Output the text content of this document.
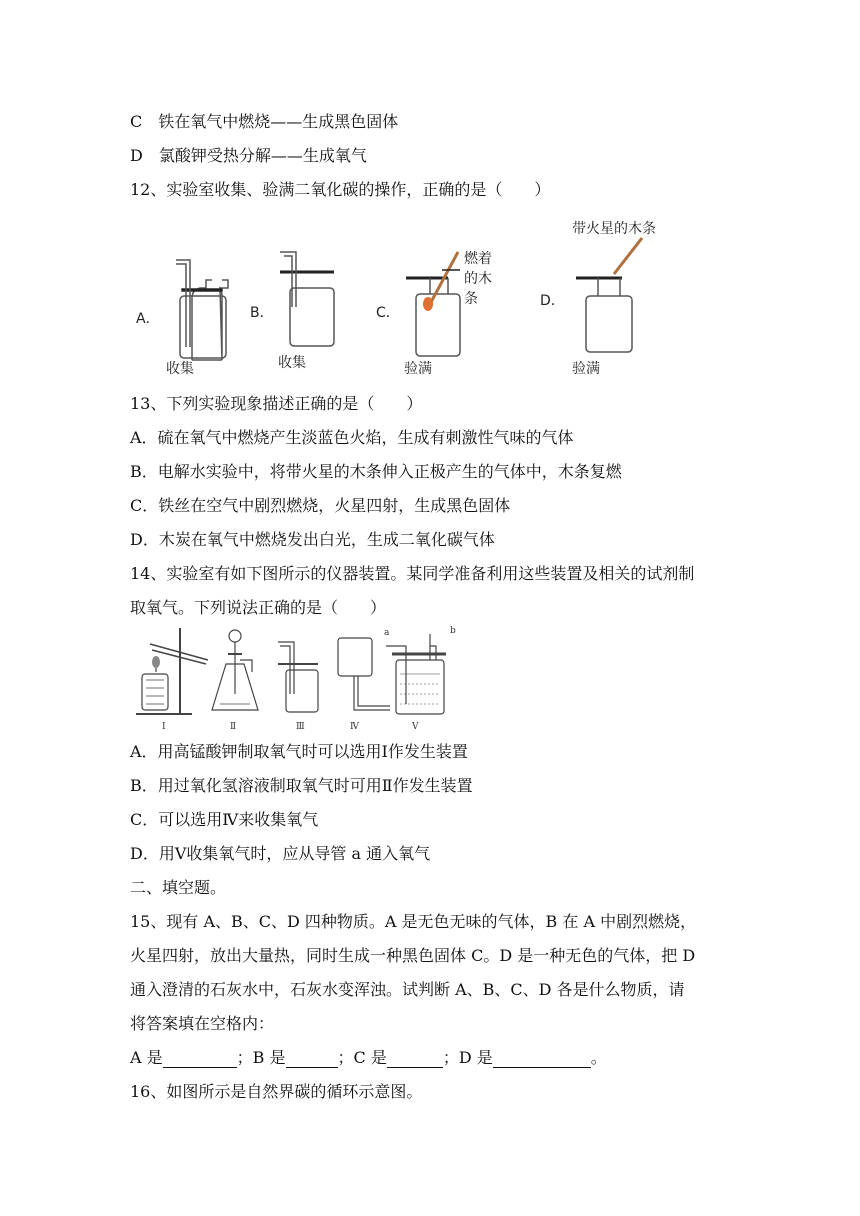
C　铁在氧气中燃烧——生成黑色固体
D　氯酸钾受热分解——生成氧气
12、实验室收集、验满二氧化碳的操作，正确的是（　　）
A．	B．	C．
D．
收集	收集	验满	验满
燃着
的木
条
带火星的木条
13、下列实验现象描述正确的是（　　）
A．硫在氧气中燃烧产生淡蓝色火焰，生成有刺激性气味的气体
B．电解水实验中，将带火星的木条伸入正极产生的气体中，木条复燃
C．铁丝在空气中剧烈燃烧，火星四射，生成黑色固体
D．木炭在氧气中燃烧发出白光，生成二氧化碳气体
14、实验室有如下图所示的仪器装置。某同学准备利用这些装置及相关的试剂制
取氧气。下列说法正确的是（　　）
Ⅰ	Ⅱ	Ⅲ	Ⅳ	Ⅴ
a	b
A．用高锰酸钾制取氧气时可以选用Ⅰ作发生装置
B．用过氧化氢溶液制取氧气时可用Ⅱ作发生装置
C．可以选用Ⅳ来收集氧气
D．用Ⅴ收集氧气时，应从导管 a 通入氧气
二、填空题。
15、现有 A、B、C、D 四种物质。A 是无色无味的气体，B 在 A 中剧烈燃烧，
火星四射，放出大量热，同时生成一种黑色固体 C。D 是一种无色的气体，把 D
通入澄清的石灰水中，石灰水变浑浊。试判断 A、B、C、D 各是什么物质，请
将答案填在空格内：
A 是	；B 是	；C 是	；D 是	。
16、如图所示是自然界碳的循环示意图。
